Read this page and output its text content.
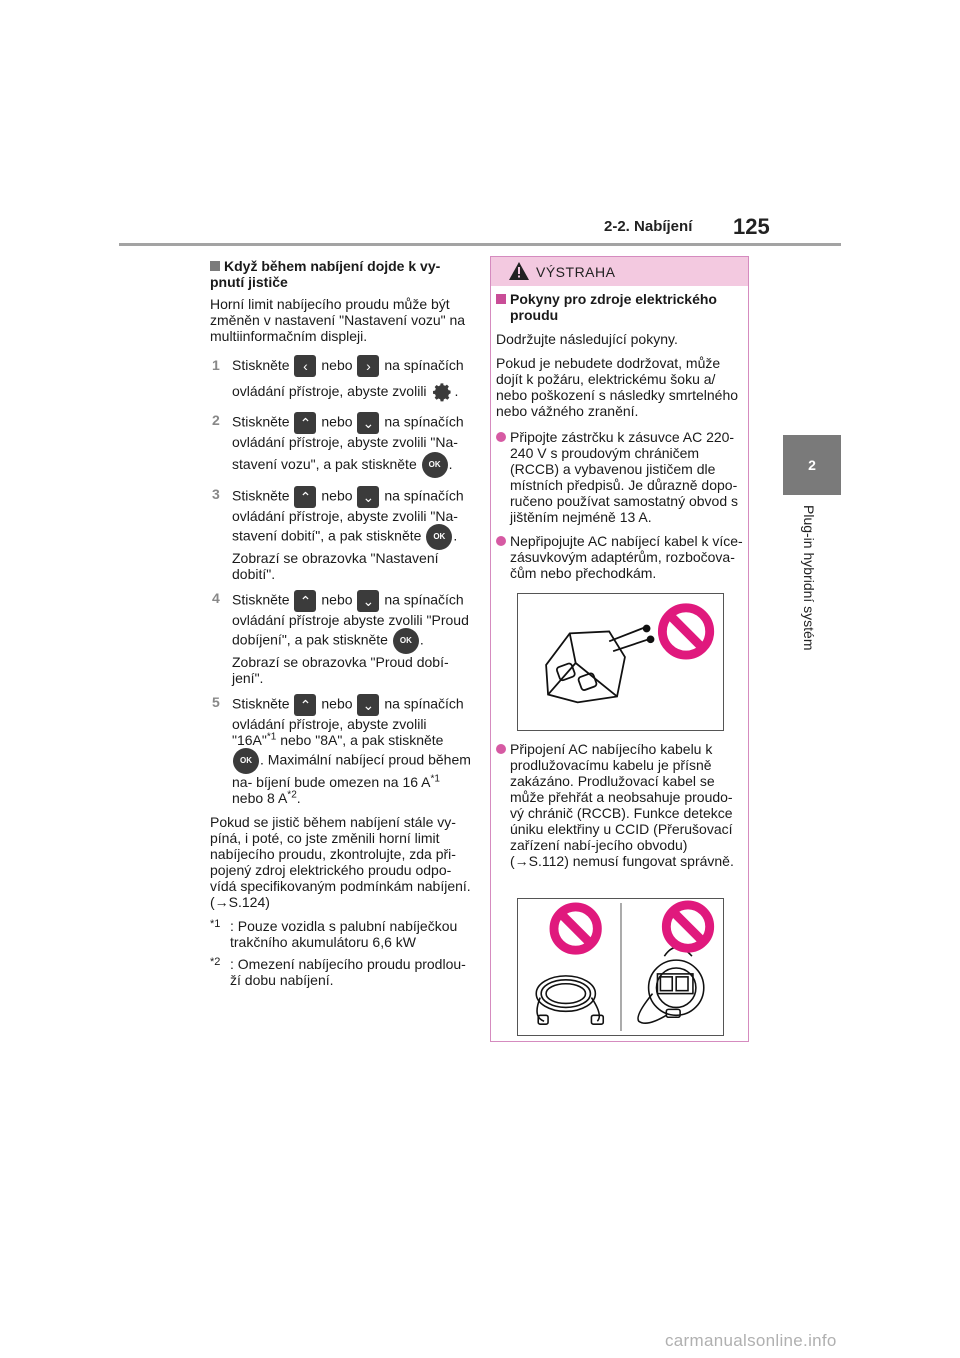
2-2. Nabíjení 125
2
Plug-in hybridní systém
Když během nabíjení dojde k vy-
pnutí jističe
Horní limit nabíjecího proudu může být změněn v nastavení "Nastavení vozu" na multiinformačním displeji.
1 Stiskněte ‹ nebo › na spínačích ovládání přístroje, abyste zvolili .
2 Stiskněte ⌃ nebo ⌄ na spínačích ovládání přístroje, abyste zvolili "Na- stavení vozu", a pak stiskněte OK .
3 Stiskněte ⌃ nebo ⌄ na spínačích ovládání přístroje, abyste zvolili "Na- stavení dobití", a pak stiskněte OK . Zobrazí se obrazovka "Nastavení dobití".
4 Stiskněte ⌃ nebo ⌄ na spínačích ovládání přístroje abyste zvolili "Proud dobíjení", a pak stiskněte OK . Zobrazí se obrazovka "Proud dobí-jení".
5 Stiskněte ⌃ nebo ⌄ na spínačích ovládání přístroje, abyste zvolili "16A"$^{*1}$ nebo "8A", a pak stiskněte OK . Maximální nabíjecí proud během na- bíjení bude omezen na 16 $A^{*1}$ nebo 8 $A^{*2}$.
Pokud se jistič během nabíjení stále vy-píná, i poté, co jste změnili horní limit nabíjecího proudu, zkontrolujte, zda při-pojený zdroj elektrického proudu odpo-vídá specifikovaným podmínkám nabíjení. (→S.124)
*1 : Pouze vozidla s palubní nabíječkou
trakčního akumulátoru 6,6 kW
*2 : Omezení nabíjecího proudu prodlou-
ží dobu nabíjení.
VÝSTRAHA
Pokyny pro zdroje elektrického proudu
Dodržujte následující pokyny.
Pokud je nebudete dodržovat, může dojít k požáru, elektrickému šoku a/ nebo poškození s následky smrtelného nebo vážného zranění.
Připojte zástrčku k zásuvce AC 220-240 V s proudovým chráničem (RCCB) a vybavenou jističem dle místních předpisů. Je důrazně dopo-ručeno používat samostatný obvod s jištěním nejméně 13 A.
Nepřipojujte AC nabíjecí kabel k více-zásuvkovým adaptérům, rozbočova-čům nebo přechodkám.
Připojení AC nabíjecího kabelu k prodlužovacímu kabelu je přísně zakázáno. Prodlužovací kabel se může přehřát a neobsahuje proudo-vý chránič (RCCB). Funkce detekce úniku elektřiny u CCID (Přerušovací zařízení nabí-jecího obvodu) (→S.112) nemusí fungovat správně.
carmanualsonline.info
